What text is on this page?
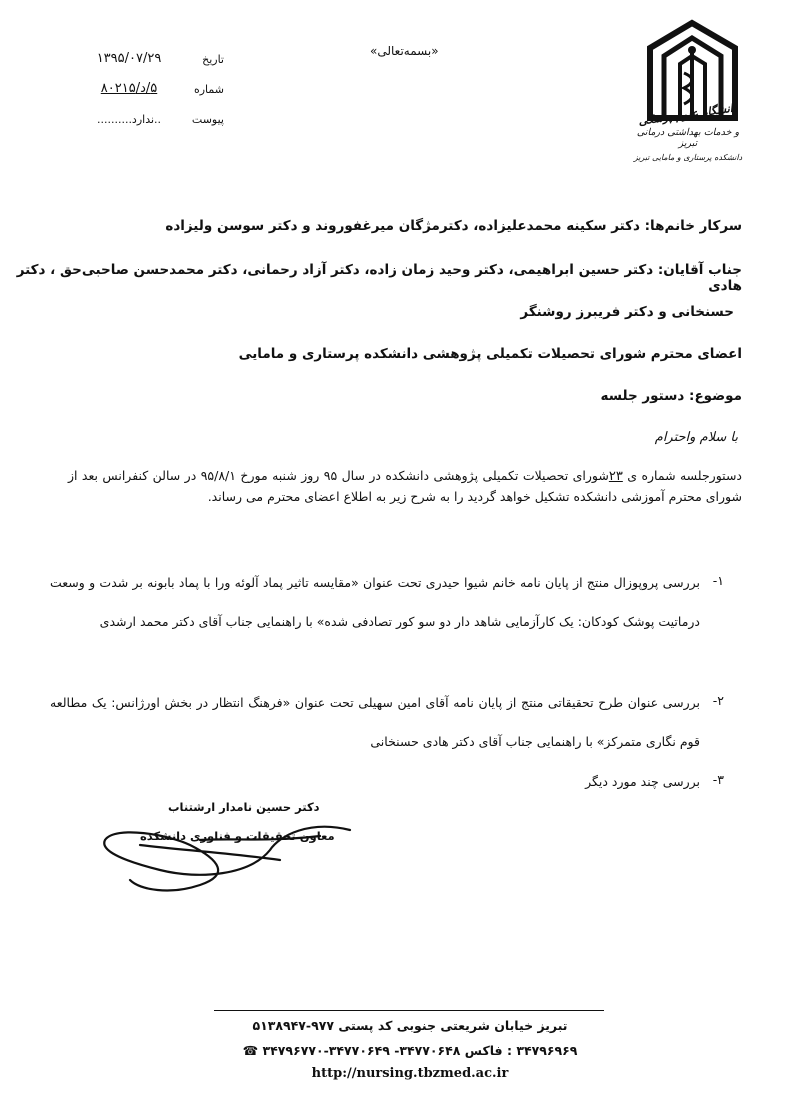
دانشگاه علوم پزشکی
و خدمات بهداشتی درمانی تبریز
دانشکده پرستاری و مامایی تبریز
«بسمه‌تعالی»
تاریخ
۱۳۹۵/۰۷/۲۹
شماره
۵/د/۸۰۲۱۵
پیوست
..ندارد..........
سرکار خانم‌ها: دکتر سکینه محمدعلیزاده، دکترمژگان میرغفوروند و دکتر سوسن ولیزاده
جناب آقایان: دکتر حسین ابراهیمی، دکتر وحید زمان زاده، دکتر آزاد رحمانی، دکتر محمدحسن صاحبی‌حق ، دکتر هادی
حسنخانی و دکتر فریبرز روشنگر
اعضای محترم شورای تحصیلات تکمیلی پژوهشی دانشکده پرستاری و مامایی
موضوع: دستور جلسه
با سلام واحترام
دستورجلسه شماره ی ۲۳شورای تحصیلات تکمیلی پژوهشی دانشکده در سال ۹۵ روز شنبه مورخ ۹۵/۸/۱ در سالن کنفرانس بعد از شورای محترم آموزشی دانشکده تشکیل خواهد گردید را به شرح زیر به اطلاع اعضای محترم می رساند.
۱-
بررسی پروپوزال منتج از پایان نامه خانم شیوا حیدری تحت عنوان «مقایسه تاثیر پماد آلوئه ورا با پماد بابونه بر شدت و وسعت درماتیت پوشک کودکان: یک کارآزمایی شاهد دار دو سو کور تصادفی شده» با راهنمایی جناب آقای دکتر محمد ارشدی
۲-
بررسی عنوان طرح تحقیقاتی منتج از پایان نامه آقای امین سهیلی تحت عنوان «فرهنگ انتظار در بخش اورژانس: یک مطالعه قوم نگاری متمرکز» با راهنمایی جناب آقای دکتر هادی حسنخانی
۳-
بررسی چند مورد دیگر
دکتر حسین نامدار ارشتناب
معاون تحقیقات و فناوری دانشکده
تبریز خیابان شریعتی جنوبی کد پستی ۹۷۷-۵۱۳۸۹۴۷
۳۴۷۹۶۹۶۹ : فاکس ۳۴۷۷۰۶۴۸- ۳۴۷۷۰۶۴۹-۳۴۷۹۶۷۷۰ ☎
http://nursing.tbzmed.ac.ir
